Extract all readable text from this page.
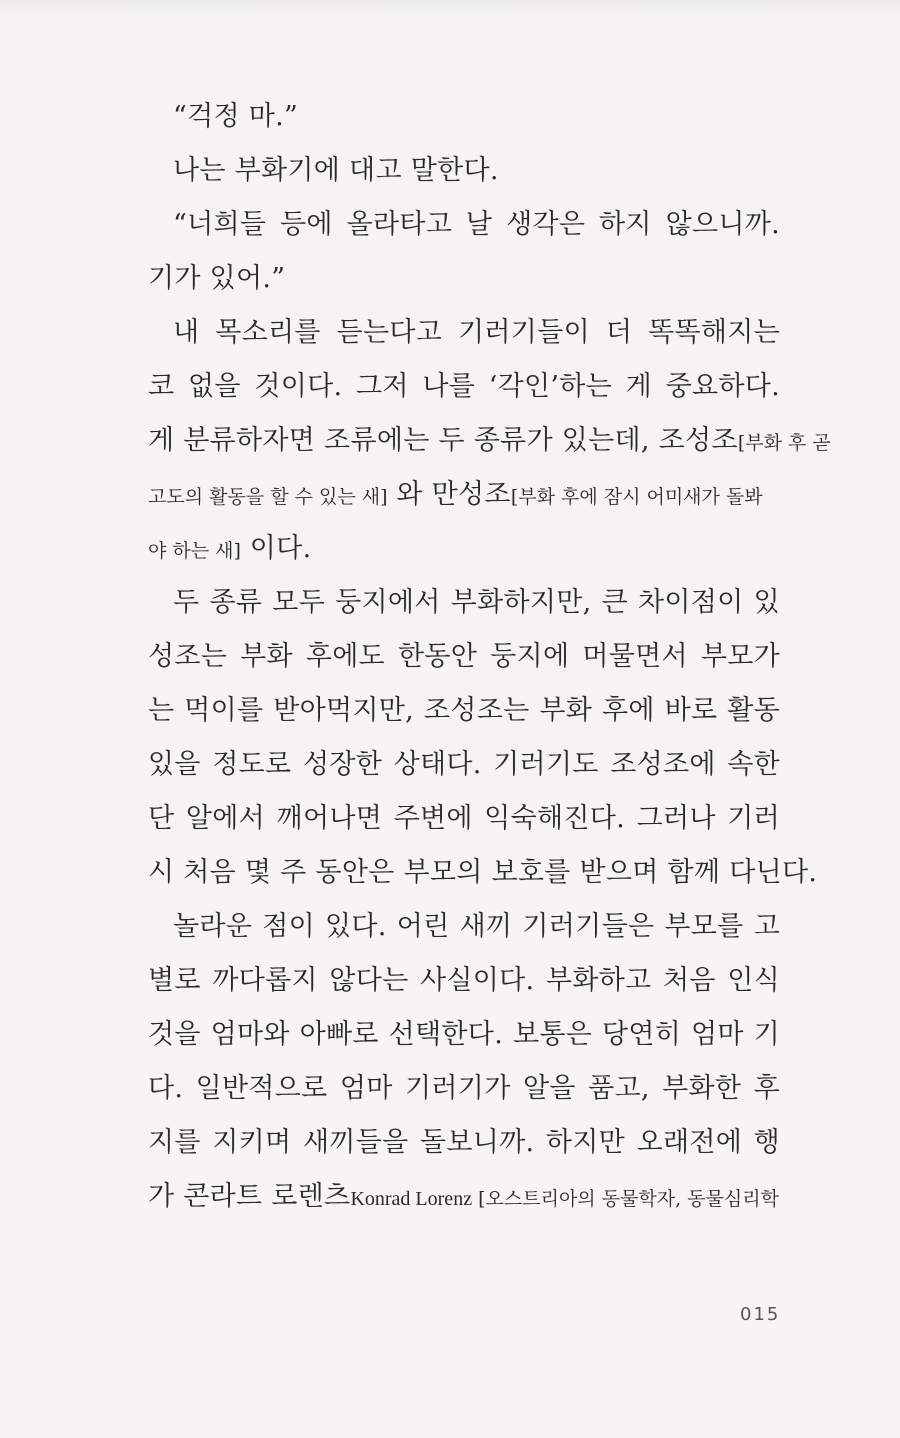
“걱정 마.”
나는 부화기에 대고 말한다.
“너희들 등에 올라타고 날 생각은 하지 않으니까.
기가 있어.”
내 목소리를 듣는다고 기러기들이 더 똑똑해지는
코 없을 것이다. 그저 나를 ‘각인’하는 게 중요하다.
게 분류하자면 조류에는 두 종류가 있는데, 조성조[부화 후 곧
고도의 활동을 할 수 있는 새] 와 만성조[부화 후에 잠시 어미새가 돌봐
야 하는 새] 이다.
두 종류 모두 둥지에서 부화하지만, 큰 차이점이 있
성조는 부화 후에도 한동안 둥지에 머물면서 부모가
는 먹이를 받아먹지만, 조성조는 부화 후에 바로 활동
있을 정도로 성장한 상태다. 기러기도 조성조에 속한
단 알에서 깨어나면 주변에 익숙해진다. 그러나 기러
시 처음 몇 주 동안은 부모의 보호를 받으며 함께 다닌다.
놀라운 점이 있다. 어린 새끼 기러기들은 부모를 고
별로 까다롭지 않다는 사실이다. 부화하고 처음 인식
것을 엄마와 아빠로 선택한다. 보통은 당연히 엄마 기
다. 일반적으로 엄마 기러기가 알을 품고, 부화한 후
지를 지키며 새끼들을 돌보니까. 하지만 오래전에 행
가 콘라트 로렌츠Konrad Lorenz [오스트리아의 동물학자, 동물심리학
015
